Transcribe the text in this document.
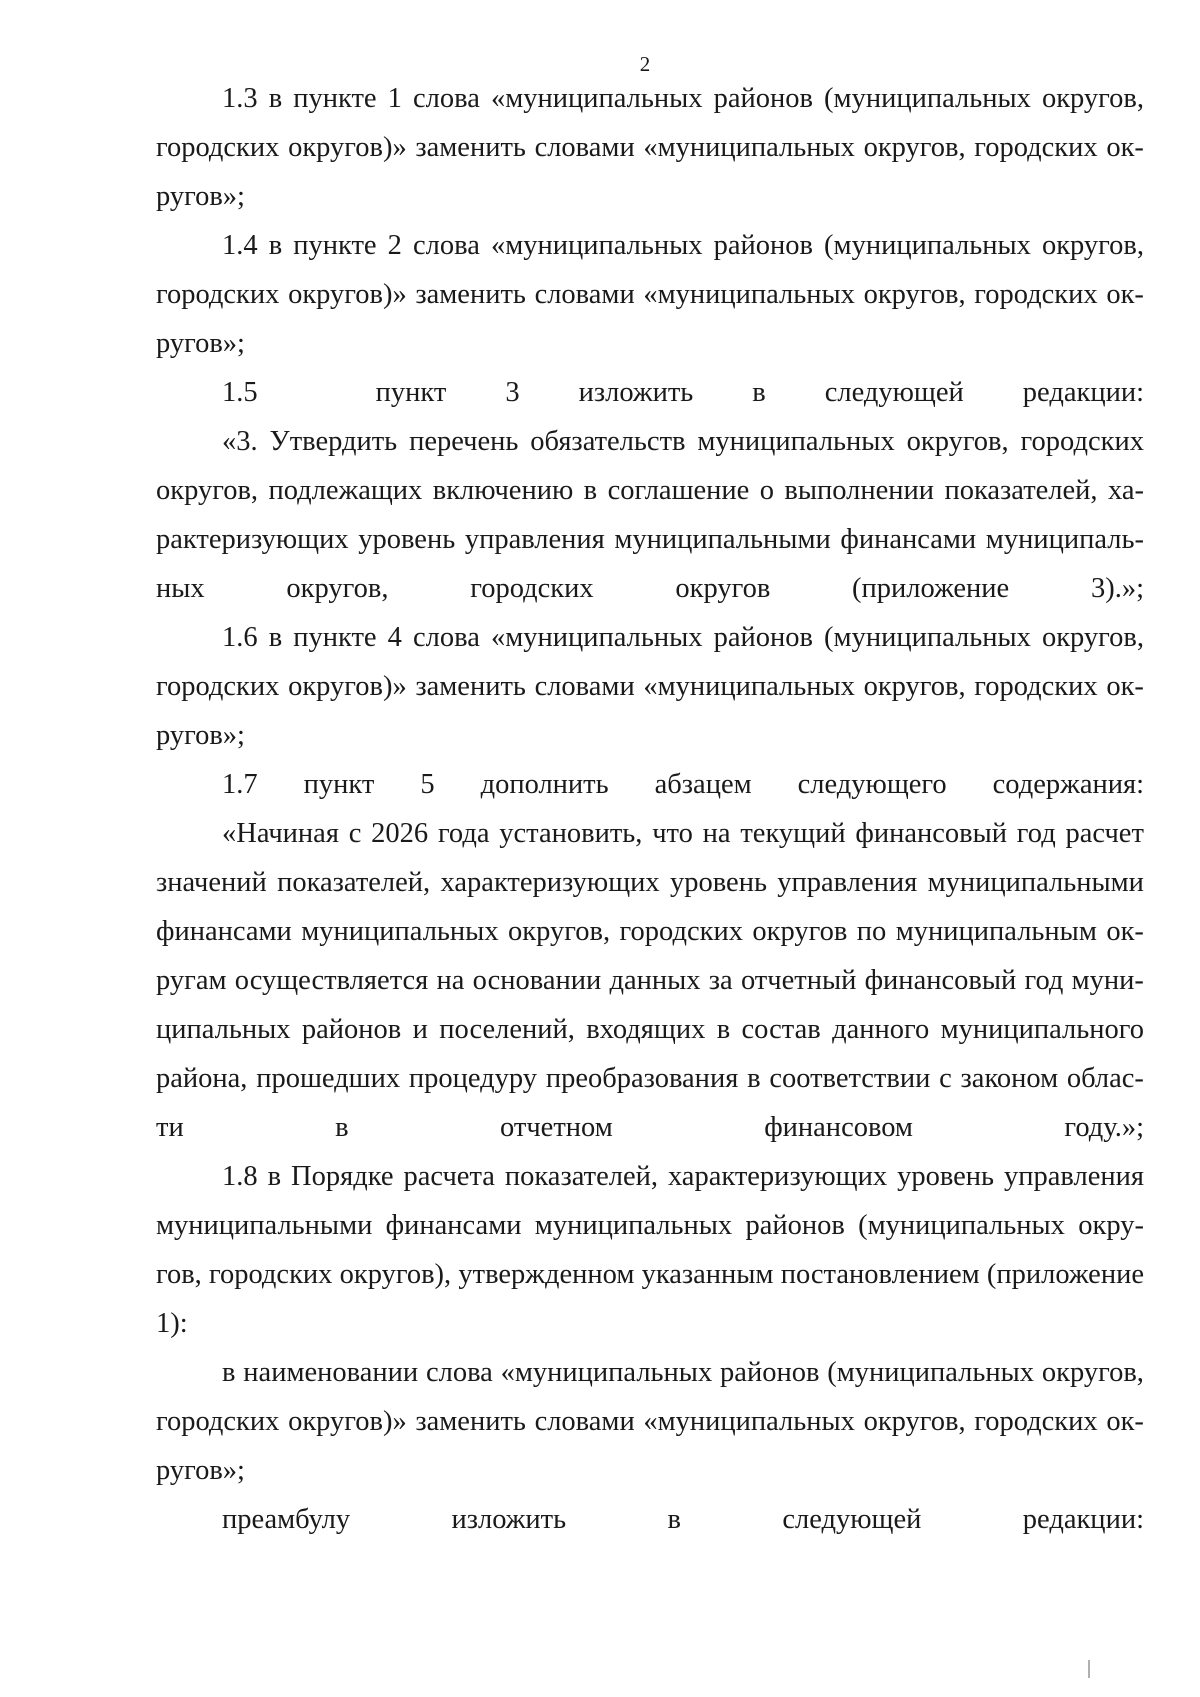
2
1.3 в пункте 1 слова «муниципальных районов (муниципальных округов,
городских округов)» заменить словами «муниципальных округов, городских ок-
ругов»;
1.4 в пункте 2 слова «муниципальных районов (муниципальных округов,
городских округов)» заменить словами «муниципальных округов, городских ок-
ругов»;
1.5  пункт 3 изложить в следующей редакции:
«3. Утвердить перечень обязательств муниципальных округов, городских
округов, подлежащих включению в соглашение о выполнении показателей, ха-
рактеризующих уровень управления муниципальными финансами муниципаль-
ных округов, городских округов (приложение 3).»;
1.6 в пункте 4 слова «муниципальных районов (муниципальных округов,
городских округов)» заменить словами «муниципальных округов, городских ок-
ругов»;
1.7 пункт 5 дополнить абзацем следующего содержания:
«Начиная с 2026 года установить, что на текущий финансовый год расчет
значений показателей, характеризующих уровень управления муниципальными
финансами муниципальных округов, городских округов по муниципальным ок-
ругам осуществляется на основании данных за отчетный финансовый год муни-
ципальных районов и поселений, входящих в состав данного муниципального
района, прошедших процедуру преобразования в соответствии с законом облас-
ти в отчетном финансовом году.»;
1.8 в Порядке расчета показателей, характеризующих уровень управления
муниципальными финансами муниципальных районов (муниципальных окру-
гов, городских округов), утвержденном указанным постановлением (приложение
1):
в наименовании слова «муниципальных районов (муниципальных округов,
городских округов)» заменить словами «муниципальных округов, городских ок-
ругов»;
преамбулу изложить в следующей редакции:
